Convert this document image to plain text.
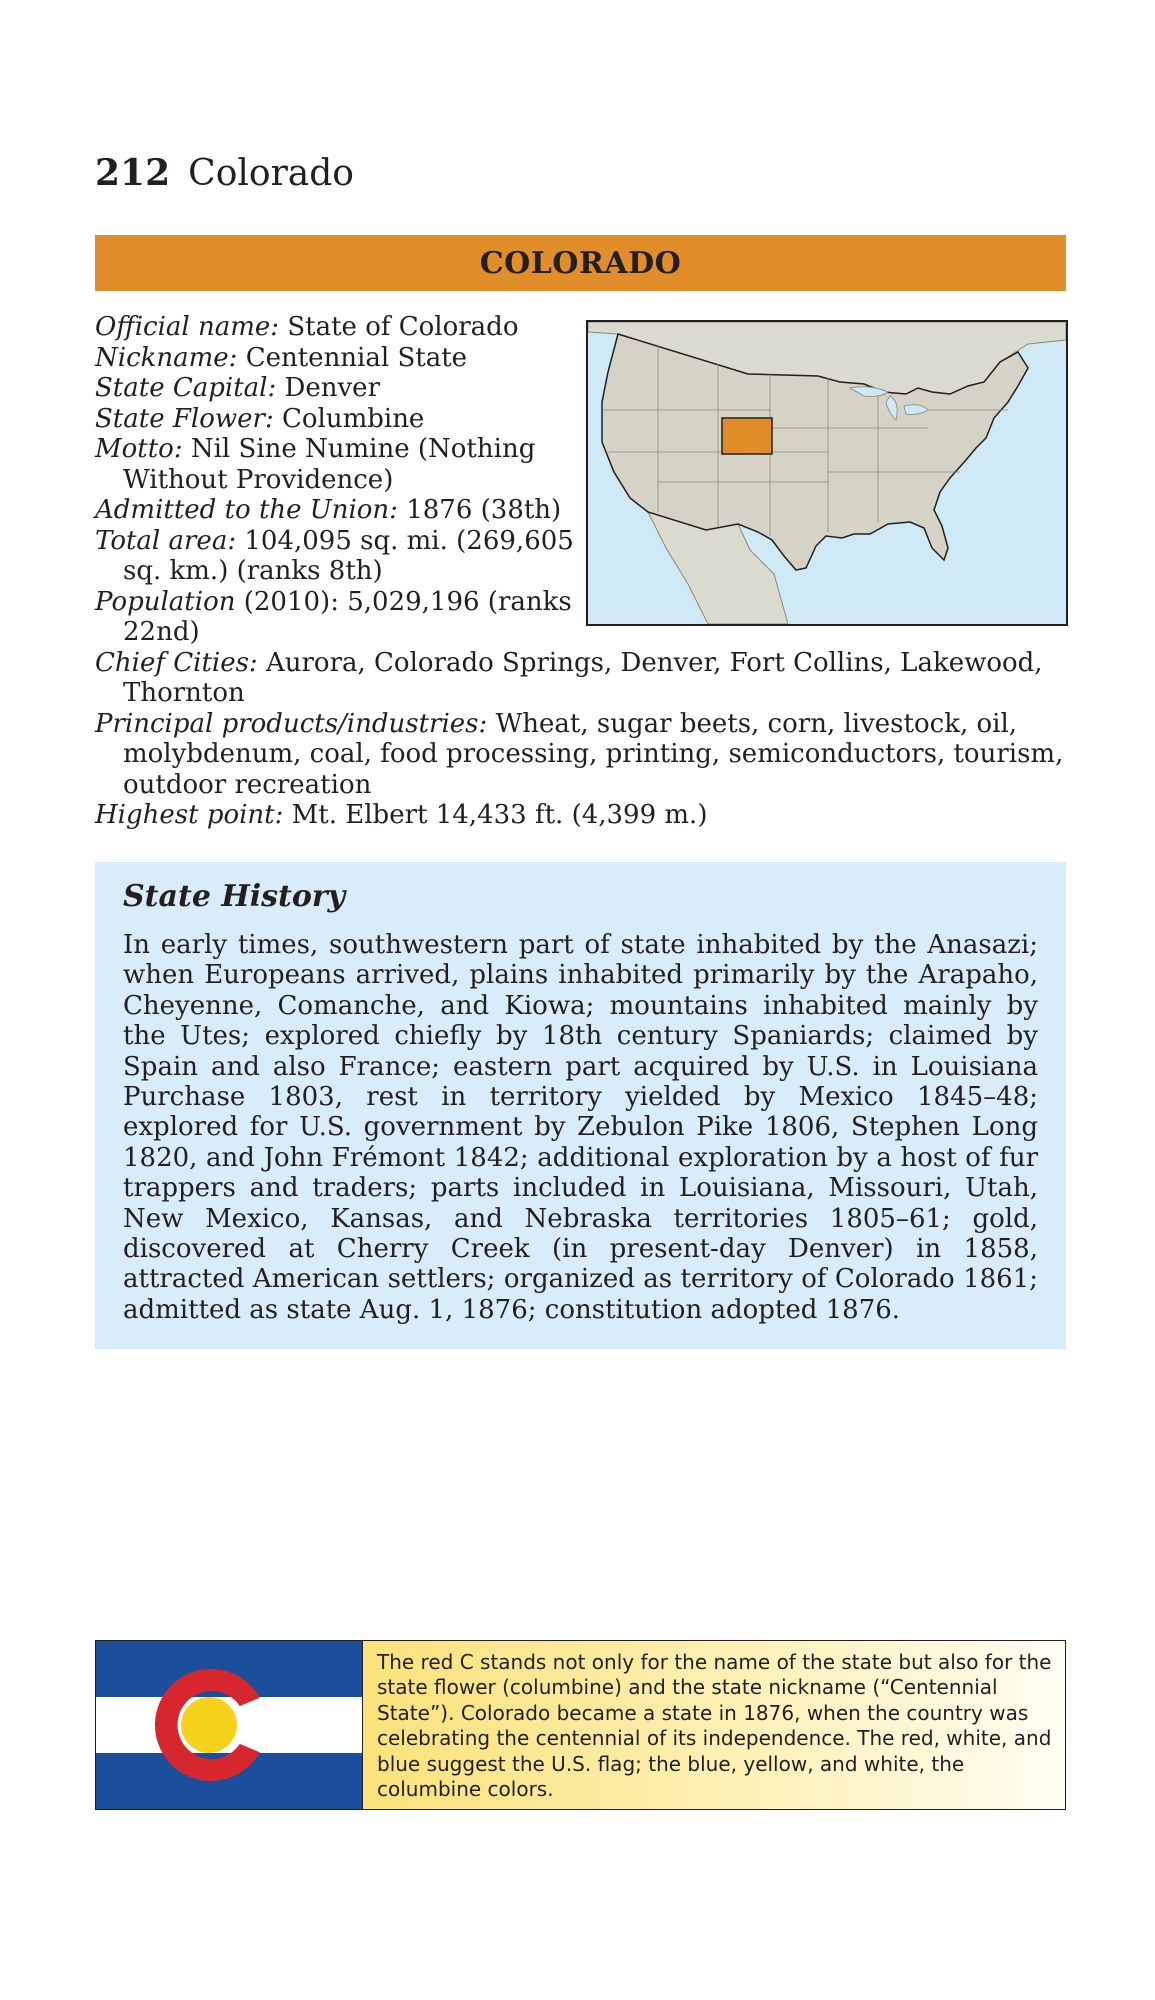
212 Colorado
COLORADO

Official name: State of Colorado

Nickname: Centennial State

State Capital: Denver

State Flower: Columbine

Motto: Nil Sine Numine (Nothing Without Providence)

Admitted to the Union: 1876 (38th)

Total area: 104,095 sq. mi. (269,605 sq. km.) (ranks 8th)

Population (2010): 5,029,196 (ranks 22nd)

Chief Cities: Aurora, Colorado Springs, Denver, Fort Collins, Lakewood, Thornton

Principal products/industries: Wheat, sugar beets, corn, livestock, oil, molybdenum, coal, food processing, printing, semiconductors, tourism, outdoor recreation

Highest point: Mt. Elbert 14,433 ft. (4,399 m.)

State History

In early times, southwestern part of state inhabited by the Anasazi; when Europeans arrived, plains inhabited primarily by the Arapaho, Cheyenne, Comanche, and Kiowa; mountains inhabited mainly by the Utes; explored chiefly by 18th century Spaniards; claimed by Spain and also France; eastern part acquired by U.S. in Louisiana Purchase 1803, rest in territory yielded by Mexico 1845–48; explored for U.S. government by Zebulon Pike 1806, Stephen Long 1820, and John Frémont 1842; additional exploration by a host of fur trappers and traders; parts included in Louisiana, Missouri, Utah, New Mexico, Kansas, and Nebraska territories 1805–61; gold, discovered at Cherry Creek (in present-day Denver) in 1858, attracted American settlers; organized as territory of Colorado 1861; admitted as state Aug. 1, 1876; constitution adopted 1876.

The red C stands not only for the name of the state but also for the state flower (columbine) and the state nickname (“Centennial State”). Colorado became a state in 1876, when the country was celebrating the centennial of its independence. The red, white, and blue suggest the U.S. flag; the blue, yellow, and white, the columbine colors.
